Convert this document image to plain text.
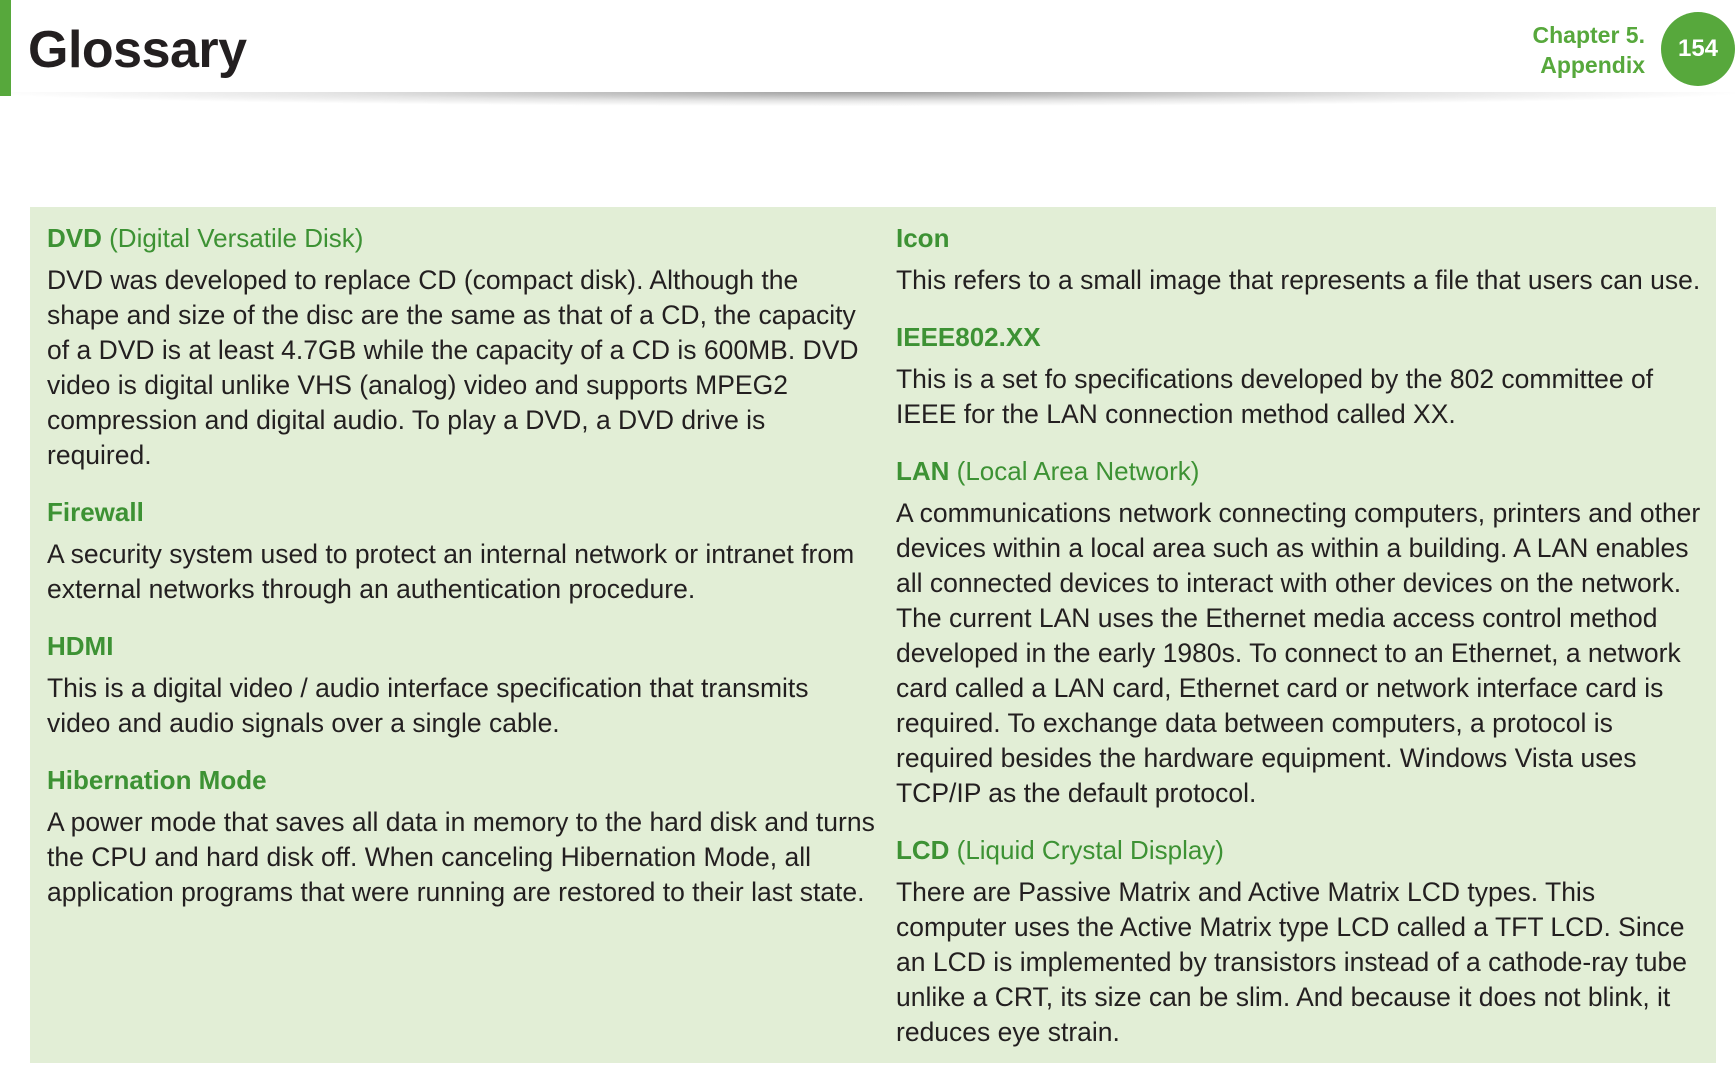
Glossary	Chapter 5.
Appendix
154

DVD (Digital Versatile Disk)

DVD was developed to replace CD (compact disk). Although the shape and size of the disc are the same as that of a CD, the capacity of a DVD is at least 4.7GB while the capacity of a CD is 600MB. DVD video is digital unlike VHS (analog) video and supports MPEG2 compression and digital audio. To play a DVD, a DVD drive is required.

Firewall

A security system used to protect an internal network or intranet from external networks through an authentication procedure.

HDMI

This is a digital video / audio interface specification that transmits video and audio signals over a single cable.

Hibernation Mode

A power mode that saves all data in memory to the hard disk and turns the CPU and hard disk off. When canceling Hibernation Mode, all application programs that were running are restored to their last state.

Icon

This refers to a small image that represents a file that users can use.

IEEE802.XX

This is a set fo specifications developed by the 802 committee of IEEE for the LAN connection method called XX.

LAN (Local Area Network)

A communications network connecting computers, printers and other devices within a local area such as within a building. A LAN enables all connected devices to interact with other devices on the network. The current LAN uses the Ethernet media access control method developed in the early 1980s. To connect to an Ethernet, a network card called a LAN card, Ethernet card or network interface card is required. To exchange data between computers, a protocol is required besides the hardware equipment. Windows Vista uses TCP/IP as the default protocol.

LCD (Liquid Crystal Display)

There are Passive Matrix and Active Matrix LCD types. This computer uses the Active Matrix type LCD called a TFT LCD. Since an LCD is implemented by transistors instead of a cathode-ray tube unlike a CRT, its size can be slim. And because it does not blink, it reduces eye strain.
